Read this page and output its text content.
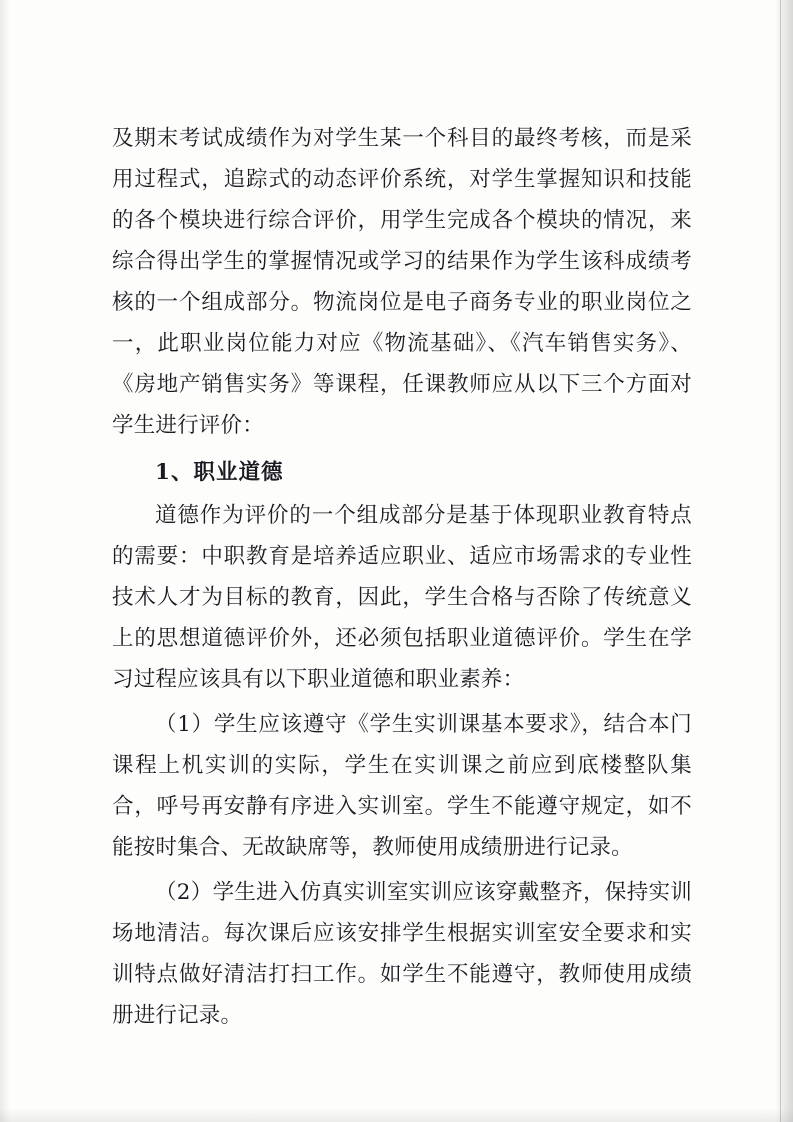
及期末考试成绩作为对学生某一个科目的最终考核，而是采用过程式，追踪式的动态评价系统，对学生掌握知识和技能的各个模块进行综合评价，用学生完成各个模块的情况，来综合得出学生的掌握情况或学习的结果作为学生该科成绩考核的一个组成部分。物流岗位是电子商务专业的职业岗位之一，此职业岗位能力对应《物流基础》、《汽车销售实务》、《房地产销售实务》等课程，任课教师应从以下三个方面对学生进行评价：

1、职业道德

道德作为评价的一个组成部分是基于体现职业教育特点的需要：中职教育是培养适应职业、适应市场需求的专业性技术人才为目标的教育，因此，学生合格与否除了传统意义上的思想道德评价外，还必须包括职业道德评价。学生在学习过程应该具有以下职业道德和职业素养：

（1）学生应该遵守《学生实训课基本要求》，结合本门课程上机实训的实际，学生在实训课之前应到底楼整队集合，呼号再安静有序进入实训室。学生不能遵守规定，如不能按时集合、无故缺席等，教师使用成绩册进行记录。

（2）学生进入仿真实训室实训应该穿戴整齐，保持实训场地清洁。每次课后应该安排学生根据实训室安全要求和实训特点做好清洁打扫工作。如学生不能遵守，教师使用成绩册进行记录。
